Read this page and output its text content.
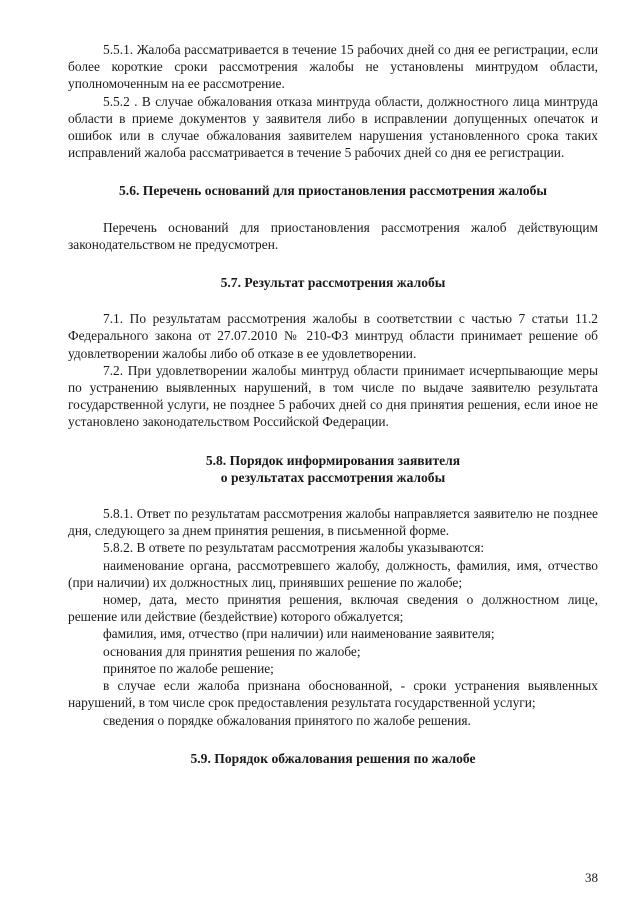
5.5.1. Жалоба рассматривается в течение 15 рабочих дней со дня ее регистрации, если более короткие сроки рассмотрения жалобы не установлены минтрудом области, уполномоченным на ее рассмотрение.

5.5.2 . В случае обжалования отказа минтруда области, должностного лица минтруда области в приеме документов у заявителя либо в исправлении допущенных опечаток и ошибок или в случае обжалования заявителем нарушения установленного срока таких исправлений жалоба рассматривается в течение 5 рабочих дней со дня ее регистрации.

5.6. Перечень оснований для приостановления рассмотрения жалобы

Перечень оснований для приостановления рассмотрения жалоб действующим законодательством не предусмотрен.

5.7. Результат рассмотрения жалобы

7.1. По результатам рассмотрения жалобы в соответствии с частью 7 статьи 11.2 Федерального закона от 27.07.2010 № 210-ФЗ минтруд области принимает решение об удовлетворении жалобы либо об отказе в ее удовлетворении.

7.2. При удовлетворении жалобы минтруд области принимает исчерпывающие меры по устранению выявленных нарушений, в том числе по выдаче заявителю результата государственной услуги, не позднее 5 рабочих дней со дня принятия решения, если иное не установлено законодательством Российской Федерации.

5.8. Порядок информирования заявителя

о результатах рассмотрения жалобы

5.8.1. Ответ по результатам рассмотрения жалобы направляется заявителю не позднее дня, следующего за днем принятия решения, в письменной форме.

5.8.2. В ответе по результатам рассмотрения жалобы указываются:

наименование органа, рассмотревшего жалобу, должность, фамилия, имя, отчество (при наличии) их должностных лиц, принявших решение по жалобе;

номер, дата, место принятия решения, включая сведения о должностном лице, решение или действие (бездействие) которого обжалуется;

фамилия, имя, отчество (при наличии) или наименование заявителя;

основания для принятия решения по жалобе;

принятое по жалобе решение;

в случае если жалоба признана обоснованной, - сроки устранения выявленных нарушений, в том числе срок предоставления результата государственной услуги;

сведения о порядке обжалования принятого по жалобе решения.

5.9. Порядок обжалования решения по жалобе

38
